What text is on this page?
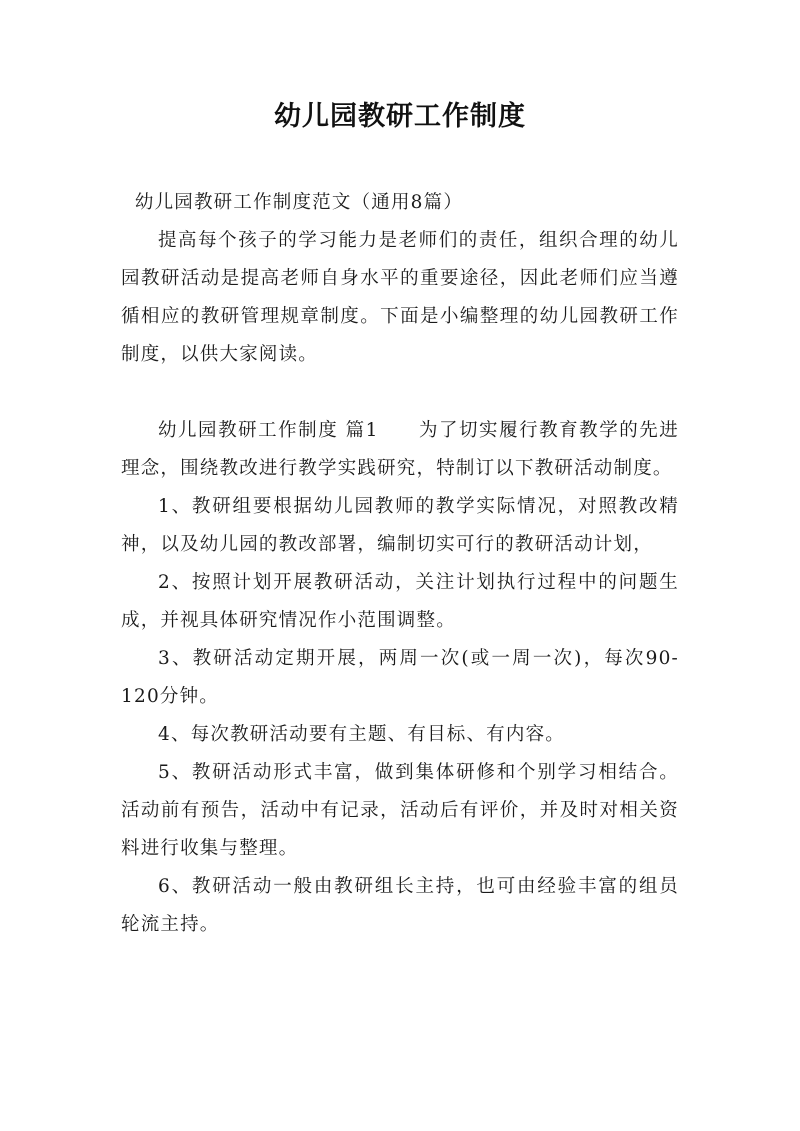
幼儿园教研工作制度

幼儿园教研工作制度范文（通用8篇）

提高每个孩子的学习能力是老师们的责任，组织合理的幼儿园教研活动是提高老师自身水平的重要途径，因此老师们应当遵循相应的教研管理规章制度。下面是小编整理的幼儿园教研工作制度，以供大家阅读。

幼儿园教研工作制度 篇1 为了切实履行教育教学的先进理念，围绕教改进行教学实践研究，特制订以下教研活动制度。

1、教研组要根据幼儿园教师的教学实际情况，对照教改精神，以及幼儿园的教改部署，编制切实可行的教研活动计划，

2、按照计划开展教研活动，关注计划执行过程中的问题生成，并视具体研究情况作小范围调整。

3、教研活动定期开展，两周一次(或一周一次)，每次90-120分钟。

4、每次教研活动要有主题、有目标、有内容。

5、教研活动形式丰富，做到集体研修和个别学习相结合。活动前有预告，活动中有记录，活动后有评价，并及时对相关资料进行收集与整理。

6、教研活动一般由教研组长主持，也可由经验丰富的组员轮流主持。
